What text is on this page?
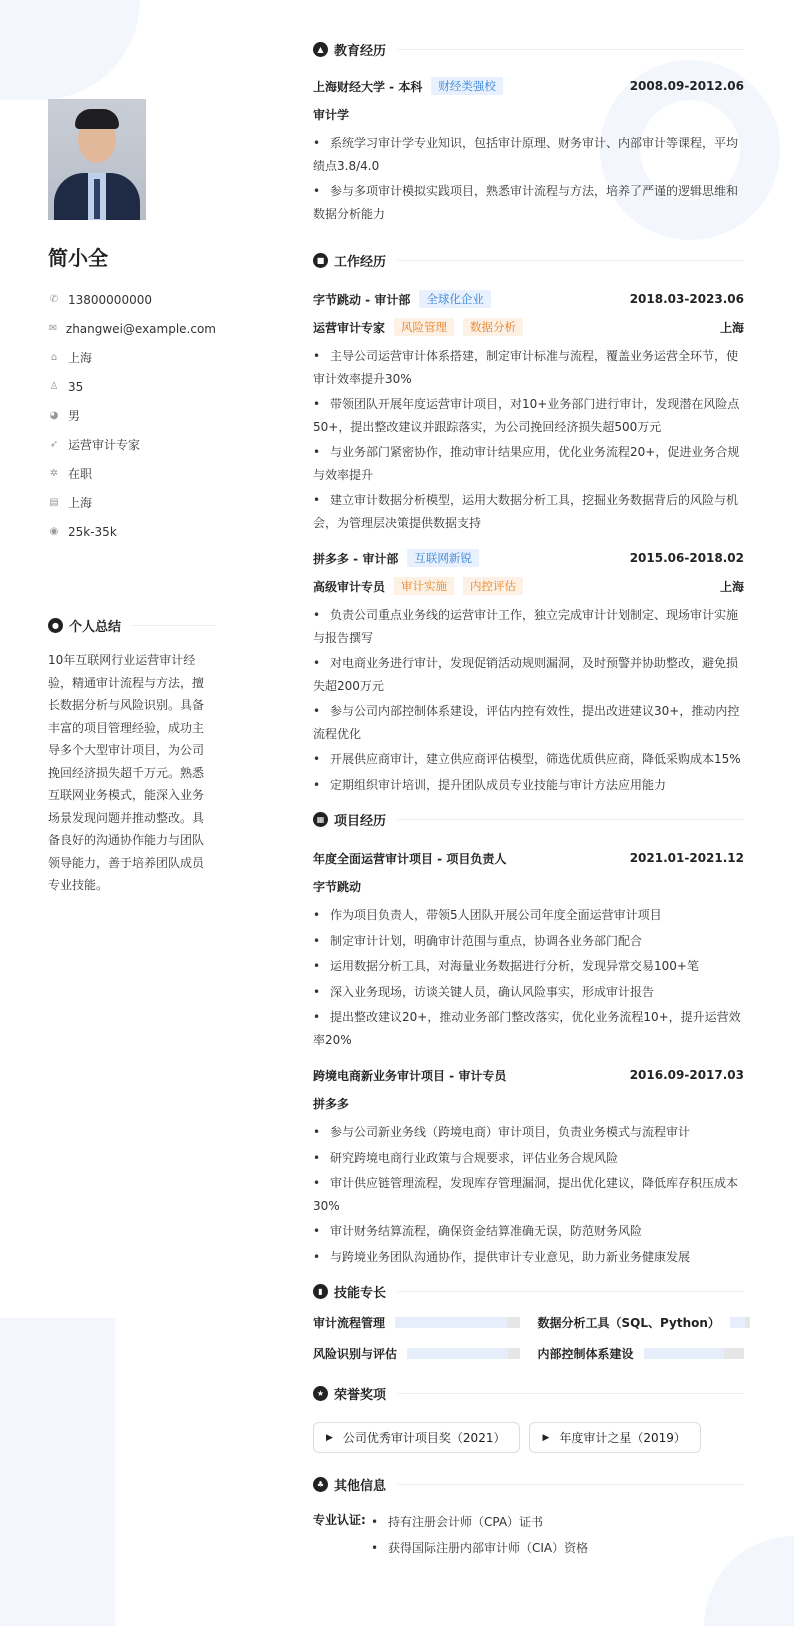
简小全
✆ 13800000000
✉ zhangwei@example.com
⌂ 上海
♙ 35
◕ 男
➶ 运营审计专家
✲ 在职
▤ 上海
◉ 25k-35k
● 个人总结
10年互联网行业运营审计经验，精通审计流程与方法，擅长数据分析与风险识别。具备丰富的项目管理经验，成功主导多个大型审计项目，为公司挽回经济损失超千万元。熟悉互联网业务模式，能深入业务场景发现问题并推动整改。具备良好的沟通协作能力与团队领导能力，善于培养团队成员专业技能。
▲ 教育经历
上海财经大学 - 本科	财经类强校	2008.09-2012.06
审计学
• 系统学习审计学专业知识，包括审计原理、财务审计、内部审计等课程，平均绩点3.8/4.0
• 参与多项审计模拟实践项目，熟悉审计流程与方法，培养了严谨的逻辑思维和数据分析能力
■ 工作经历
字节跳动 - 审计部	全球化企业	2018.03-2023.06
运营审计专家	风险管理	数据分析	上海
• 主导公司运营审计体系搭建，制定审计标准与流程，覆盖业务运营全环节，使审计效率提升30%
• 带领团队开展年度运营审计项目，对10+业务部门进行审计，发现潜在风险点50+，提出整改建议并跟踪落实，为公司挽回经济损失超500万元
• 与业务部门紧密协作，推动审计结果应用，优化业务流程20+，促进业务合规与效率提升
• 建立审计数据分析模型，运用大数据分析工具，挖掘业务数据背后的风险与机会，为管理层决策提供数据支持
拼多多 - 审计部	互联网新锐	2015.06-2018.02
高级审计专员	审计实施	内控评估	上海
• 负责公司重点业务线的运营审计工作，独立完成审计计划制定、现场审计实施与报告撰写
• 对电商业务进行审计，发现促销活动规则漏洞，及时预警并协助整改，避免损失超200万元
• 参与公司内部控制体系建设，评估内控有效性，提出改进建议30+，推动内控流程优化
• 开展供应商审计，建立供应商评估模型，筛选优质供应商，降低采购成本15%
• 定期组织审计培训，提升团队成员专业技能与审计方法应用能力
▦ 项目经历
年度全面运营审计项目 - 项目负责人	2021.01-2021.12
字节跳动
• 作为项目负责人，带领5人团队开展公司年度全面运营审计项目
• 制定审计计划，明确审计范围与重点，协调各业务部门配合
• 运用数据分析工具，对海量业务数据进行分析，发现异常交易100+笔
• 深入业务现场，访谈关键人员，确认风险事实，形成审计报告
• 提出整改建议20+，推动业务部门整改落实，优化业务流程10+，提升运营效率20%
跨境电商新业务审计项目 - 审计专员	2016.09-2017.03
拼多多
• 参与公司新业务线（跨境电商）审计项目，负责业务模式与流程审计
• 研究跨境电商行业政策与合规要求，评估业务合规风险
• 审计供应链管理流程，发现库存管理漏洞，提出优化建议，降低库存积压成本30%
• 审计财务结算流程，确保资金结算准确无误，防范财务风险
• 与跨境业务团队沟通协作，提供审计专业意见，助力新业务健康发展
▮ 技能专长
审计流程管理	数据分析工具（SQL、Python）
风险识别与评估	内部控制体系建设
★ 荣誉奖项
▶ 公司优秀审计项目奖（2021）	▶ 年度审计之星（2019）
♣ 其他信息
专业认证:	• 持有注册会计师（CPA）证书
• 获得国际注册内部审计师（CIA）资格
